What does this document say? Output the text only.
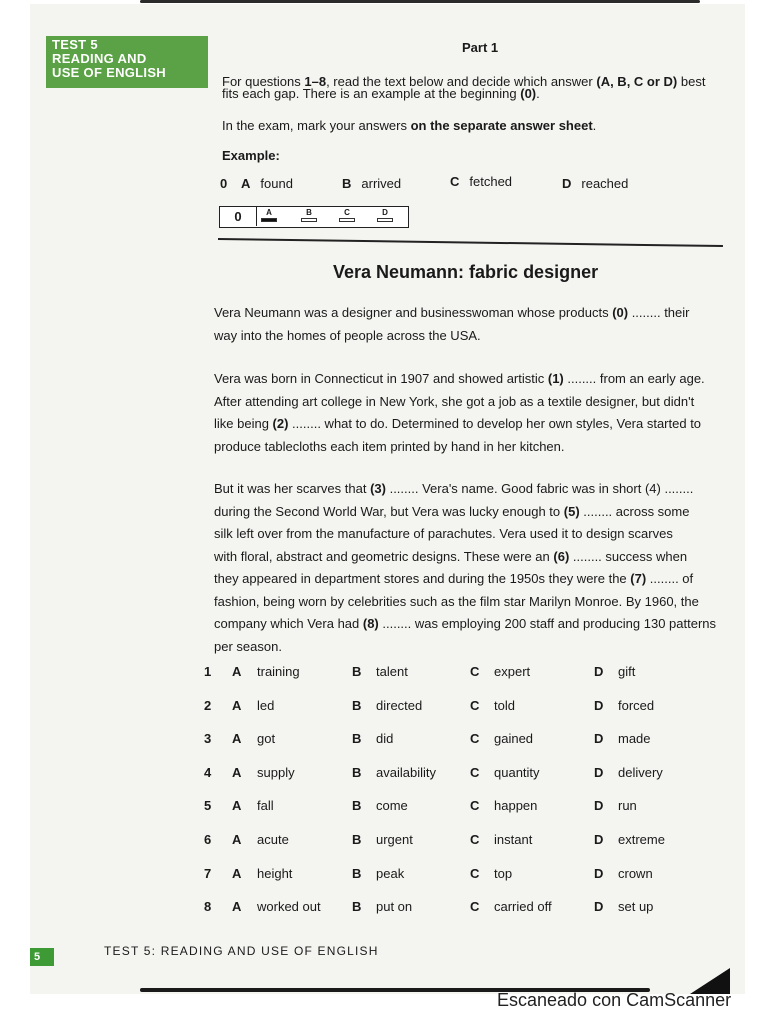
TEST 5
READING AND
USE OF ENGLISH
Part 1
For questions 1–8, read the text below and decide which answer (A, B, C or D) best
fits each gap. There is an example at the beginning (0).
In the exam, mark your answers on the separate answer sheet.
Example:
0	A found	B arrived	C fetched	D reached
0	A	B	C	D
Vera Neumann: fabric designer
Vera Neumann was a designer and businesswoman whose products (0) ........ their
way into the homes of people across the USA.
Vera was born in Connecticut in 1907 and showed artistic (1) ........ from an early age.
After attending art college in New York, she got a job as a textile designer, but didn't
like being (2) ........ what to do. Determined to develop her own styles, Vera started to
produce tablecloths each item printed by hand in her kitchen.
But it was her scarves that (3) ........ Vera's name. Good fabric was in short (4) ........
during the Second World War, but Vera was lucky enough to (5) ........ across some
silk left over from the manufacture of parachutes. Vera used it to design scarves
with floral, abstract and geometric designs. These were an (6) ........ success when
they appeared in department stores and during the 1950s they were the (7) ........ of
fashion, being worn by celebrities such as the film star Marilyn Monroe. By 1960, the
company which Vera had (8) ........ was employing 200 staff and producing 130 patterns
per season.
1 A training	B talent	C expert	D gift
2 A led	B directed	C told	D forced
3 A got	B did	C gained	D made
4 A supply	B availability	C quantity	D delivery
5 A fall	B come	C happen	D run
6 A acute	B urgent	C instant	D extreme
7 A height	B peak	C top	D crown
8 A worked out B put on	C carried off	D set up
5	TEST 5: READING AND USE OF ENGLISH
Escaneado con CamScanner
